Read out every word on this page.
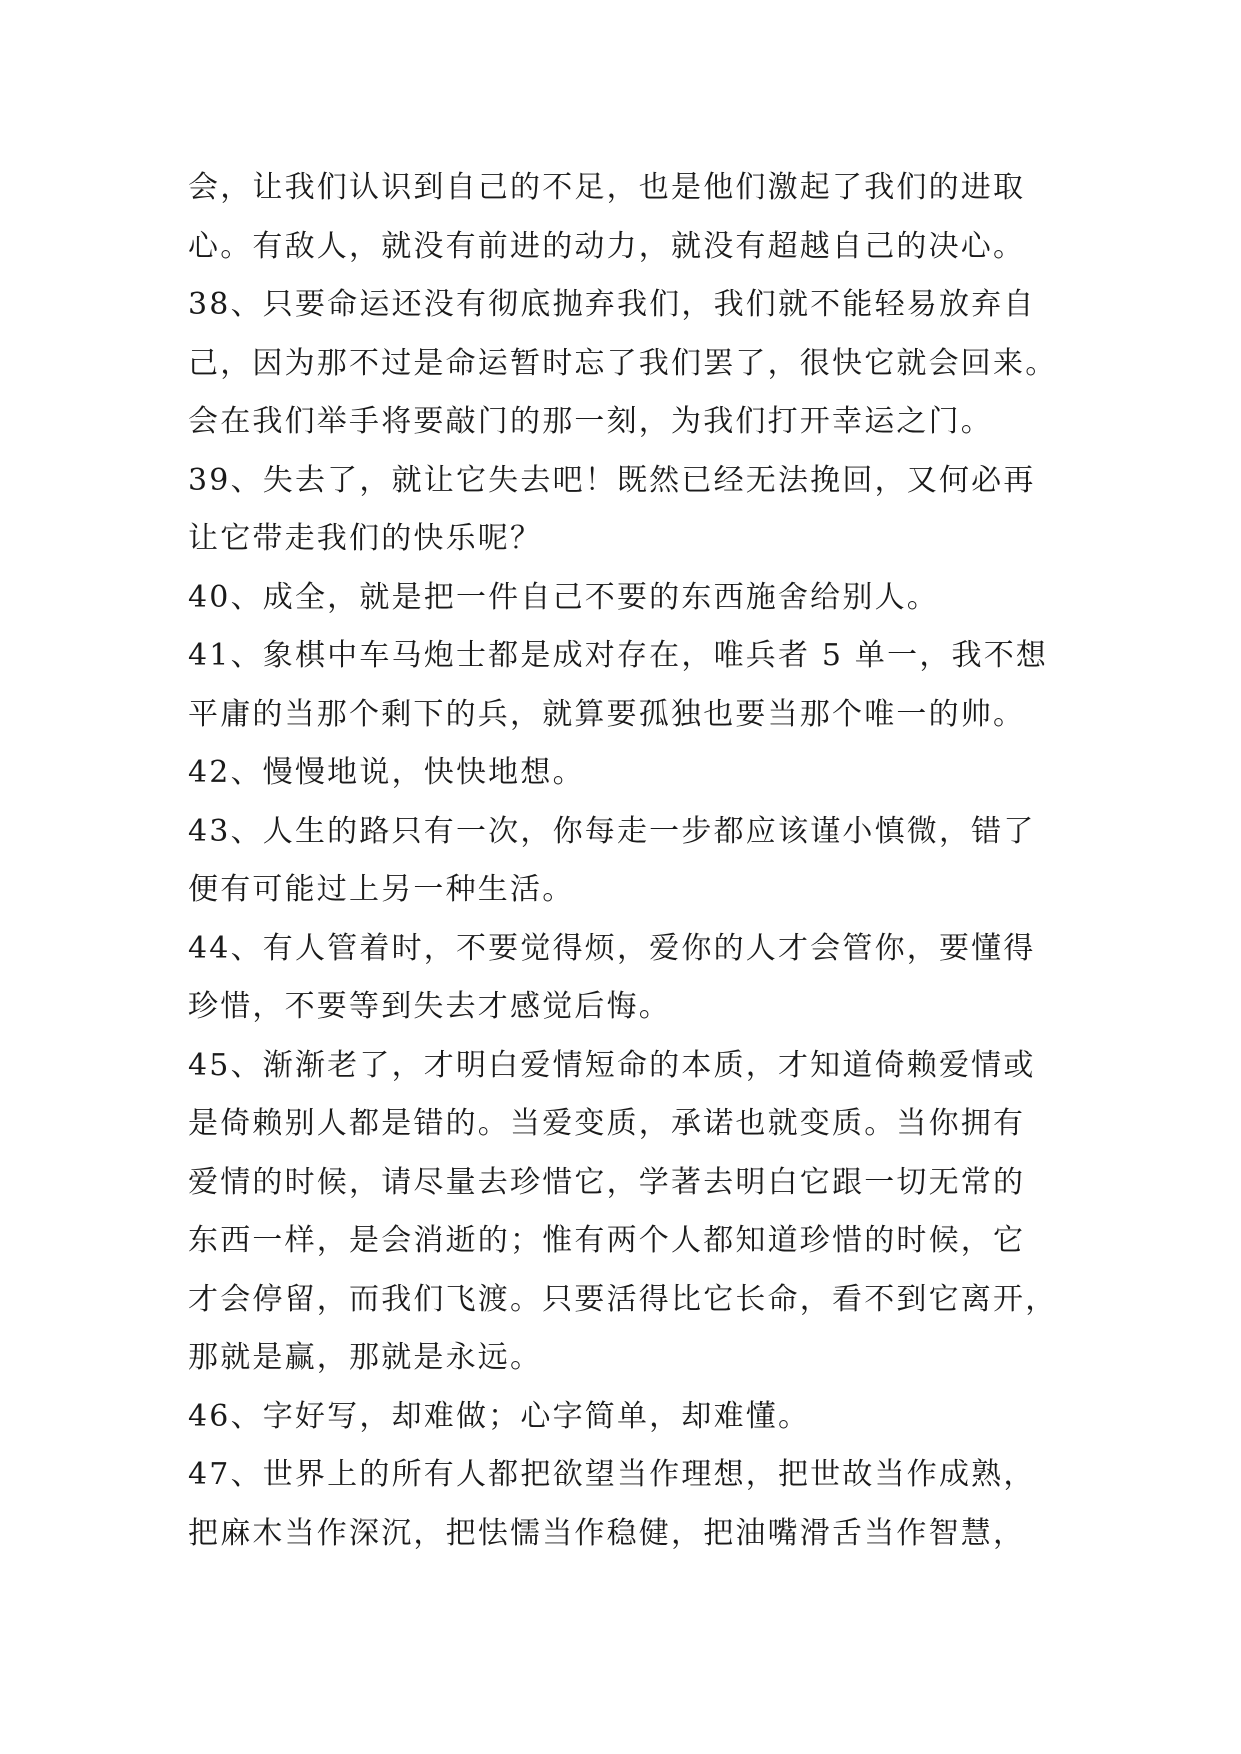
会，让我们认识到自己的不足，也是他们激起了我们的进取
心。有敌人，就没有前进的动力，就没有超越自己的决心。
38、只要命运还没有彻底抛弃我们，我们就不能轻易放弃自
己，因为那不过是命运暂时忘了我们罢了，很快它就会回来。
会在我们举手将要敲门的那一刻，为我们打开幸运之门。
39、失去了，就让它失去吧！既然已经无法挽回，又何必再
让它带走我们的快乐呢？
40、成全，就是把一件自己不要的东西施舍给别人。
41、象棋中车马炮士都是成对存在，唯兵者 5 单一，我不想
平庸的当那个剩下的兵，就算要孤独也要当那个唯一的帅。
42、慢慢地说，快快地想。
43、人生的路只有一次，你每走一步都应该谨小慎微，错了
便有可能过上另一种生活。
44、有人管着时，不要觉得烦，爱你的人才会管你，要懂得
珍惜，不要等到失去才感觉后悔。
45、渐渐老了，才明白爱情短命的本质，才知道倚赖爱情或
是倚赖别人都是错的。当爱变质，承诺也就变质。当你拥有
爱情的时候，请尽量去珍惜它，学著去明白它跟一切无常的
东西一样，是会消逝的；惟有两个人都知道珍惜的时候，它
才会停留，而我们飞渡。只要活得比它长命，看不到它离开，
那就是赢，那就是永远。
46、字好写，却难做；心字简单，却难懂。
47、世界上的所有人都把欲望当作理想，把世故当作成熟，
把麻木当作深沉，把怯懦当作稳健，把油嘴滑舌当作智慧，
